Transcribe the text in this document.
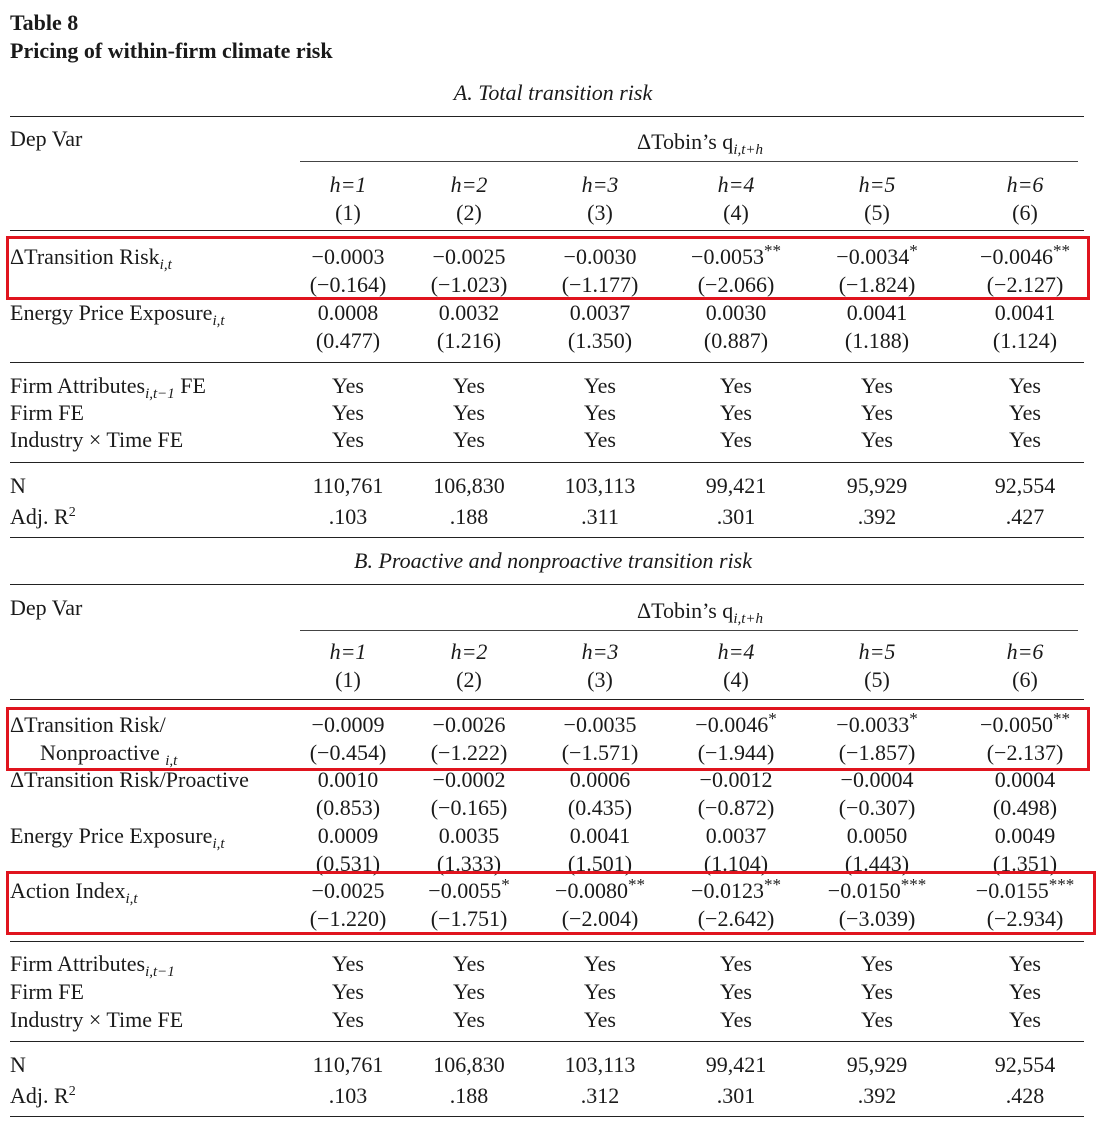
Table 8
Pricing of within-firm climate risk
A. Total transition risk
Dep Var	ΔTobin’s $q_{i,t+h}$
h=1	h=2	h=3	h=4	h=5	h=6
(1)	(2)	(3)	(4)	(5)	(6)
ΔTransition Risk$_{i,t}$	−0.0003	−0.0025	−0.0030	−0.0053**	−0.0034*	−0.0046**
(−0.164)	(−1.023)	(−1.177)	(−2.066)	(−1.824)	(−2.127)
Energy Price Exposure$_{i,t}$	0.0008	0.0032	0.0037	0.0030	0.0041	0.0041
(0.477)	(1.216)	(1.350)	(0.887)	(1.188)	(1.124)
Firm Attributes$_{i,t-1}$ FE	Yes	Yes	Yes	Yes	Yes	Yes
Firm FE	Yes	Yes	Yes	Yes	Yes	Yes
Industry × Time FE	Yes	Yes	Yes	Yes	Yes	Yes
N	110,761	106,830	103,113	99,421	95,929	92,554
Adj. $R^2$	.103	.188	.311	.301	.392	.427
B. Proactive and nonproactive transition risk
Dep Var	ΔTobin’s $q_{i,t+h}$
h=1	h=2	h=3	h=4	h=5	h=6
(1)	(2)	(3)	(4)	(5)	(6)
ΔTransition Risk/	−0.0009	−0.0026	−0.0035	−0.0046*	−0.0033*	−0.0050**
Nonproactive $_{i,t}$	(−0.454)	(−1.222)	(−1.571)	(−1.944)	(−1.857)	(−2.137)
ΔTransition Risk/Proactive	0.0010	−0.0002	0.0006	−0.0012	−0.0004	0.0004
(0.853)	(−0.165)	(0.435)	(−0.872)	(−0.307)	(0.498)
Energy Price Exposure$_{i,t}$	0.0009	0.0035	0.0041	0.0037	0.0050	0.0049
(0.531)	(1.333)	(1.501)	(1.104)	(1.443)	(1.351)
Action Index$_{i,t}$	−0.0025	−0.0055*	−0.0080**	−0.0123**	−0.0150***	−0.0155***
(−1.220)	(−1.751)	(−2.004)	(−2.642)	(−3.039)	(−2.934)
Firm Attributes$_{i,t-1}$	Yes	Yes	Yes	Yes	Yes	Yes
Firm FE	Yes	Yes	Yes	Yes	Yes	Yes
Industry × Time FE	Yes	Yes	Yes	Yes	Yes	Yes
N	110,761	106,830	103,113	99,421	95,929	92,554
Adj. $R^2$	.103	.188	.312	.301	.392	.428
